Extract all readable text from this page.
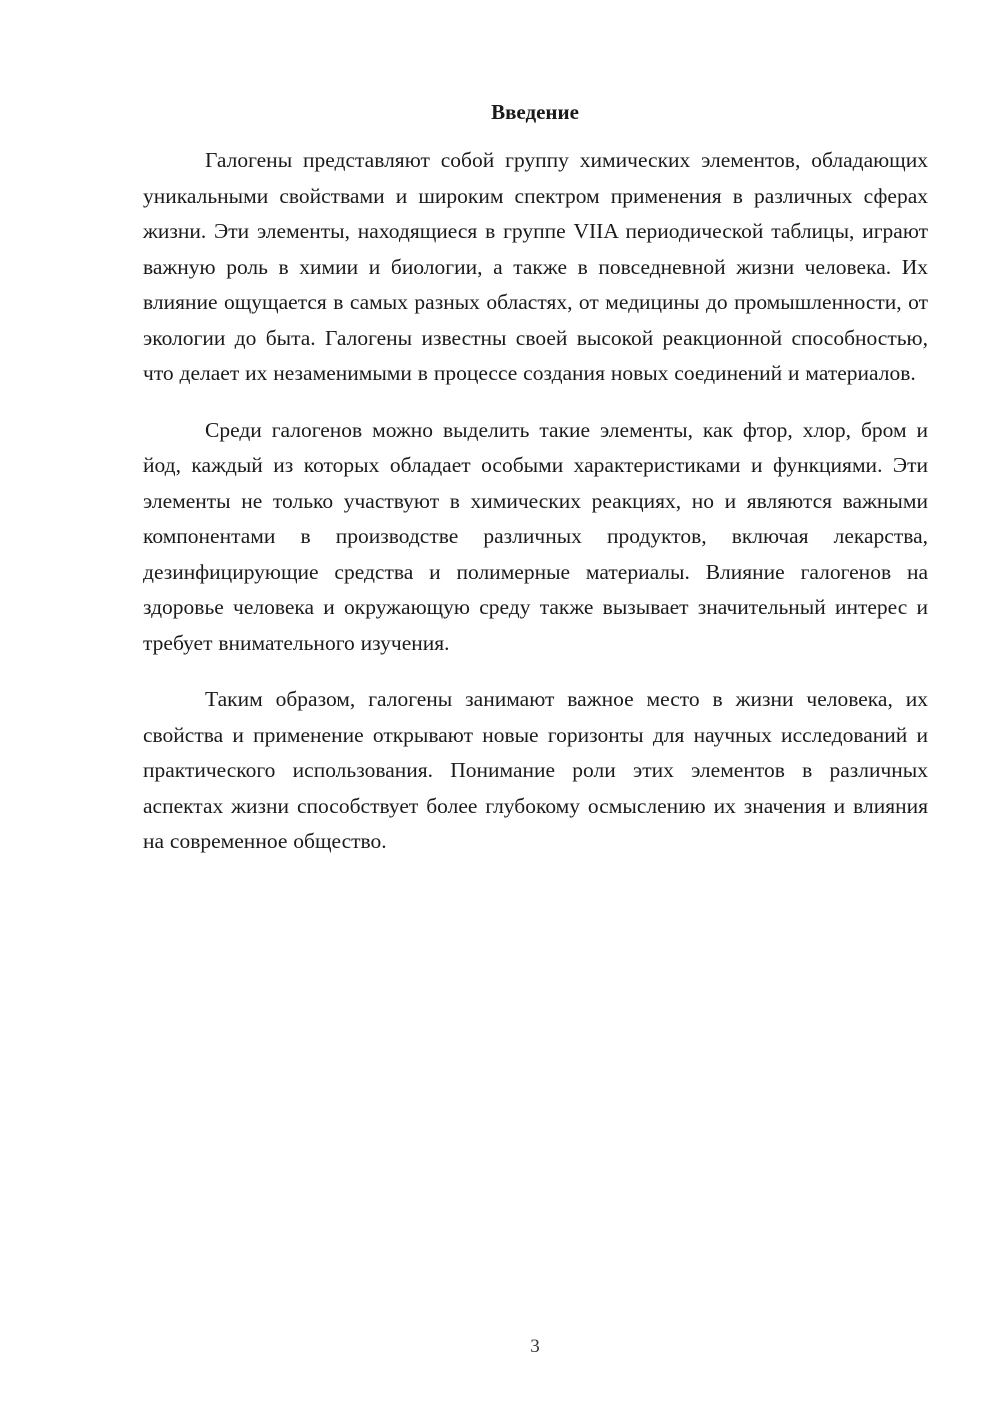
Введение

Галогены представляют собой группу химических элементов, обладающих уникальными свойствами и широким спектром применения в различных сферах жизни. Эти элементы, находящиеся в группе VIIA периодической таблицы, играют важную роль в химии и биологии, а также в повседневной жизни человека. Их влияние ощущается в самых разных областях, от медицины до промышленности, от экологии до быта. Галогены известны своей высокой реакционной способностью, что делает их незаменимыми в процессе создания новых соединений и материалов.

Среди галогенов можно выделить такие элементы, как фтор, хлор, бром и йод, каждый из которых обладает особыми характеристиками и функциями. Эти элементы не только участвуют в химических реакциях, но и являются важными компонентами в производстве различных продуктов, включая лекарства, дезинфицирующие средства и полимерные материалы. Влияние галогенов на здоровье человека и окружающую среду также вызывает значительный интерес и требует внимательного изучения.

Таким образом, галогены занимают важное место в жизни человека, их свойства и применение открывают новые горизонты для научных исследований и практического использования. Понимание роли этих элементов в различных аспектах жизни способствует более глубокому осмыслению их значения и влияния на современное общество.

3
